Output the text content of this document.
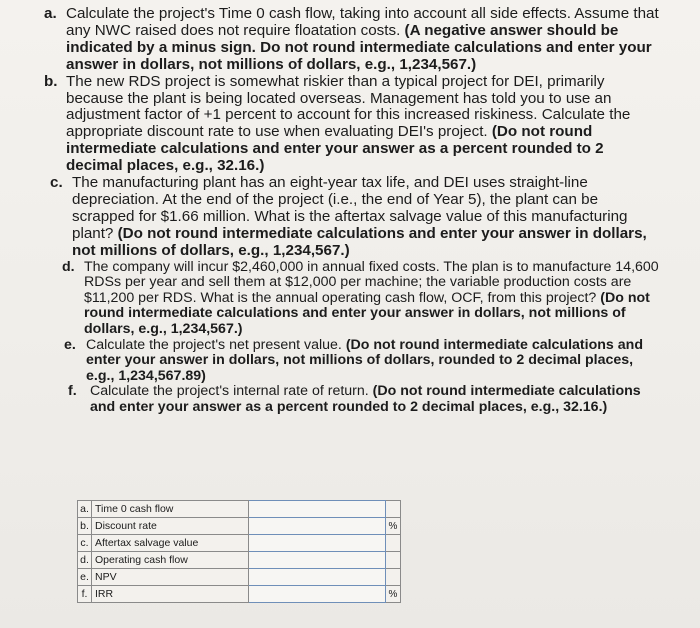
a. Calculate the project's Time 0 cash flow, taking into account all side effects. Assume that any NWC raised does not require floatation costs. (A negative answer should be indicated by a minus sign. Do not round intermediate calculations and enter your answer in dollars, not millions of dollars, e.g., 1,234,567.)

b. The new RDS project is somewhat riskier than a typical project for DEI, primarily because the plant is being located overseas. Management has told you to use an adjustment factor of +1 percent to account for this increased riskiness. Calculate the appropriate discount rate to use when evaluating DEI's project. (Do not round intermediate calculations and enter your answer as a percent rounded to 2 decimal places, e.g., 32.16.)

c. The manufacturing plant has an eight-year tax life, and DEI uses straight-line depreciation. At the end of the project (i.e., the end of Year 5), the plant can be scrapped for $1.66 million. What is the aftertax salvage value of this manufacturing plant? (Do not round intermediate calculations and enter your answer in dollars, not millions of dollars, e.g., 1,234,567.)

d. The company will incur $2,460,000 in annual fixed costs. The plan is to manufacture 14,600 RDSs per year and sell them at $12,000 per machine; the variable production costs are $11,200 per RDS. What is the annual operating cash flow, OCF, from this project? (Do not round intermediate calculations and enter your answer in dollars, not millions of dollars, e.g., 1,234,567.)

e. Calculate the project's net present value. (Do not round intermediate calculations and enter your answer in dollars, not millions of dollars, rounded to 2 decimal places, e.g., 1,234,567.89)

f. Calculate the project's internal rate of return. (Do not round intermediate calculations and enter your answer as a percent rounded to 2 decimal places, e.g., 32.16.)

a.	Time 0 cash flow		
b.	Discount rate		%
c.	Aftertax salvage value		
d.	Operating cash flow		
e.	NPV		
f.	IRR		%
